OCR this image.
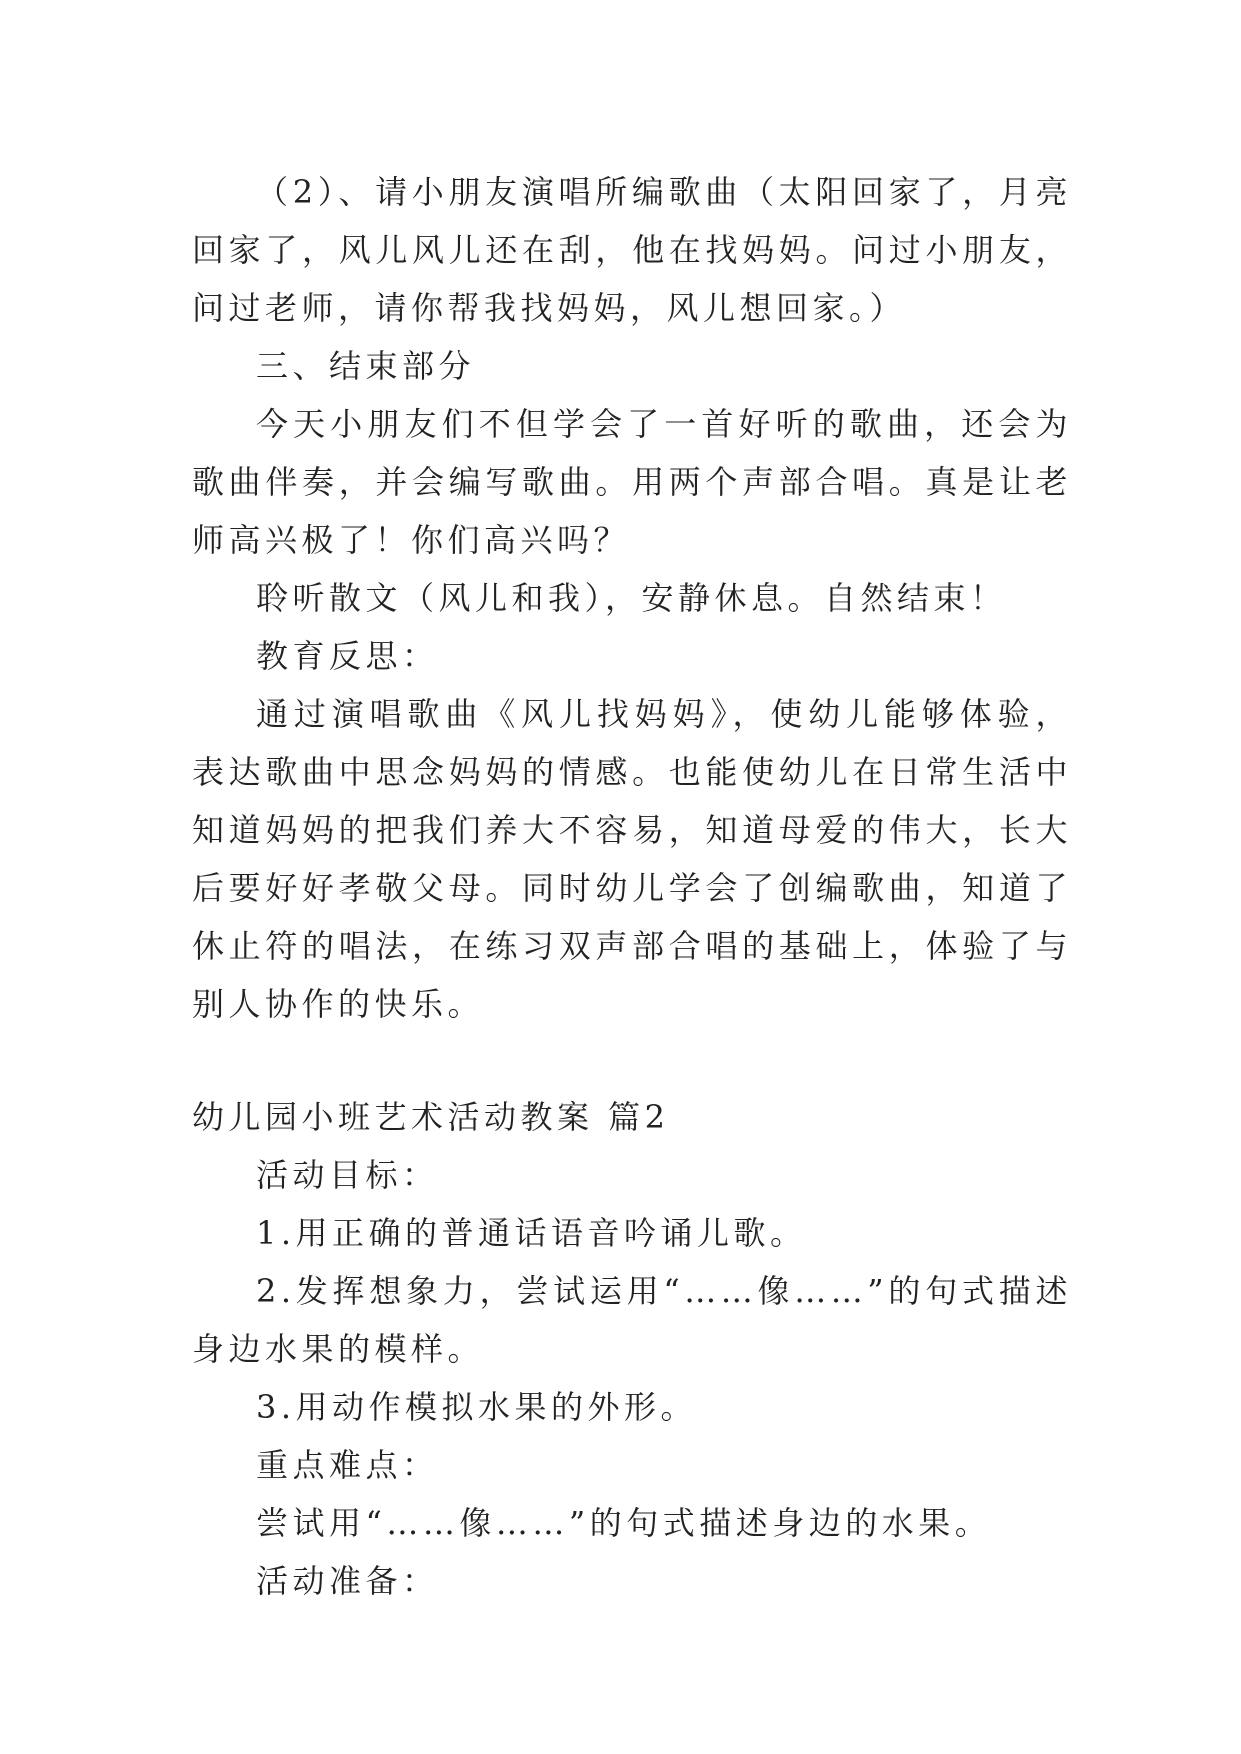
（2）、请小朋友演唱所编歌曲（太阳回家了，月亮回家了，风儿风儿还在刮，他在找妈妈。问过小朋友，问过老师，请你帮我找妈妈，风儿想回家。）

三、结束部分

今天小朋友们不但学会了一首好听的歌曲，还会为歌曲伴奏，并会编写歌曲。用两个声部合唱。真是让老师高兴极了！你们高兴吗？

聆听散文（风儿和我），安静休息。自然结束！

教育反思：

通过演唱歌曲《风儿找妈妈》，使幼儿能够体验，表达歌曲中思念妈妈的情感。也能使幼儿在日常生活中知道妈妈的把我们养大不容易，知道母爱的伟大，长大后要好好孝敬父母。同时幼儿学会了创编歌曲，知道了休止符的唱法，在练习双声部合唱的基础上，体验了与别人协作的快乐。

幼儿园小班艺术活动教案 篇2

活动目标：

1.用正确的普通话语音吟诵儿歌。

2.发挥想象力，尝试运用“……像……”的句式描述身边水果的模样。

3.用动作模拟水果的外形。

重点难点：

尝试用“……像……”的句式描述身边的水果。

活动准备：
